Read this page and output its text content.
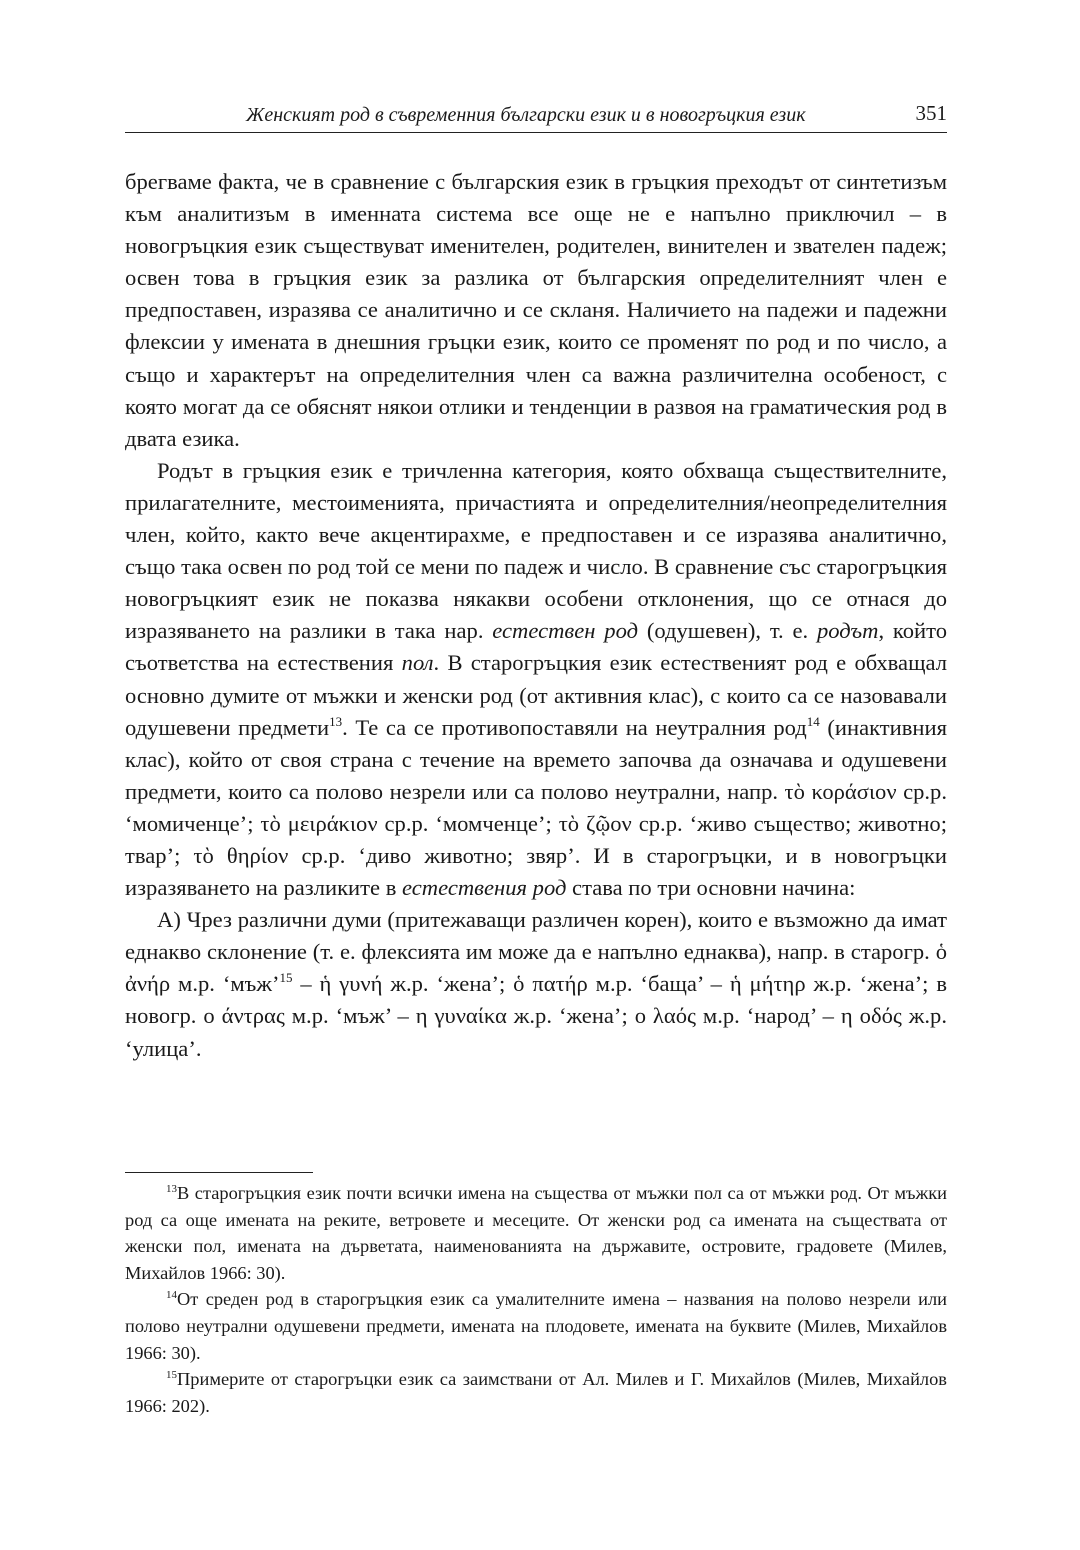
Женският род в съвременния български език и в новогръцкия език	351

брегваме факта, че в сравнение с българския език в гръцкия преходът от синтетизъм към аналитизъм в именната система все още не е напълно приключил – в новогръцкия език съществуват именителен, родителен, винителен и звателен падеж; освен това в гръцкия език за разлика от българския определителният член е предпоставен, изразява се аналитично и се скланя. Наличието на падежи и падежни флексии у имената в днешния гръцки език, които се променят по род и по число, а също и характерът на определителния член са важна различителна особеност, с която могат да се обяснят някои отлики и тенденции в развоя на граматическия род в двата езика.

Родът в гръцкия език е тричленна категория, която обхваща съществителните, прилагателните, местоименията, причастията и определителния/неопределителния член, който, както вече акцентирахме, е предпоставен и се изразява аналитично, също така освен по род той се мени по падеж и число. В сравнение със старогръцкия новогръцкият език не показва някакви особени отклонения, що се отнася до изразяването на разлики в така нар. естествен род (одушевен), т. е. родът, който съответства на естествения пол. В старогръцкия език естественият род е обхващал основно думите от мъжки и женски род (от активния клас), с които са се назовавали одушевени предмети$^{13}$. Те са се противопоставяли на неутралния род$^{14}$ (инактивния клас), който от своя страна с течение на времето започва да означава и одушевени предмети, които са полово незрели или са полово неутрални, напр. τὸ κοράσιον ср.р. ‘момиченце’; τὸ μειράκιον ср.р. ‘момченце’; τὸ ζῷον ср.р. ‘живо същество; животно; твар’; τὸ θηρίον ср.р. ‘диво животно; звяр’. И в старогръцки, и в новогръцки изразяването на разликите в естествения род става по три основни начина:

А) Чрез различни думи (притежаващи различен корен), които е възможно да имат еднакво склонение (т. е. флексията им може да е напълно еднаква), напр. в старогр. ὁ ἀνήρ м.р. ‘мъж’$^{15}$ – ἡ γυνή ж.р. ‘жена’; ὁ πατήρ м.р. ‘баща’ – ἡ μήτηρ ж.р. ‘жена’; в новогр. ο άντρας м.р. ‘мъж’ – η γυναίκα ж.р. ‘жена’; ο λαός м.р. ‘народ’ – η οδός ж.р. ‘улица’.

$^{13}$В старогръцкия език почти всички имена на същества от мъжки пол са от мъжки род. От мъжки род са още имената на реките, ветровете и месеците. От женски род са имената на съществата от женски пол, имената на дърветата, наименованията на държавите, островите, градовете (Милев, Михайлов 1966: 30).

$^{14}$От среден род в старогръцкия език са умалителните имена – названия на полово незрели или полово неутрални одушевени предмети, имената на плодовете, имената на буквите (Милев, Михайлов 1966: 30).

$^{15}$Примерите от старогръцки език са заимствани от Ал. Милев и Г. Михайлов (Милев, Михайлов 1966: 202).
